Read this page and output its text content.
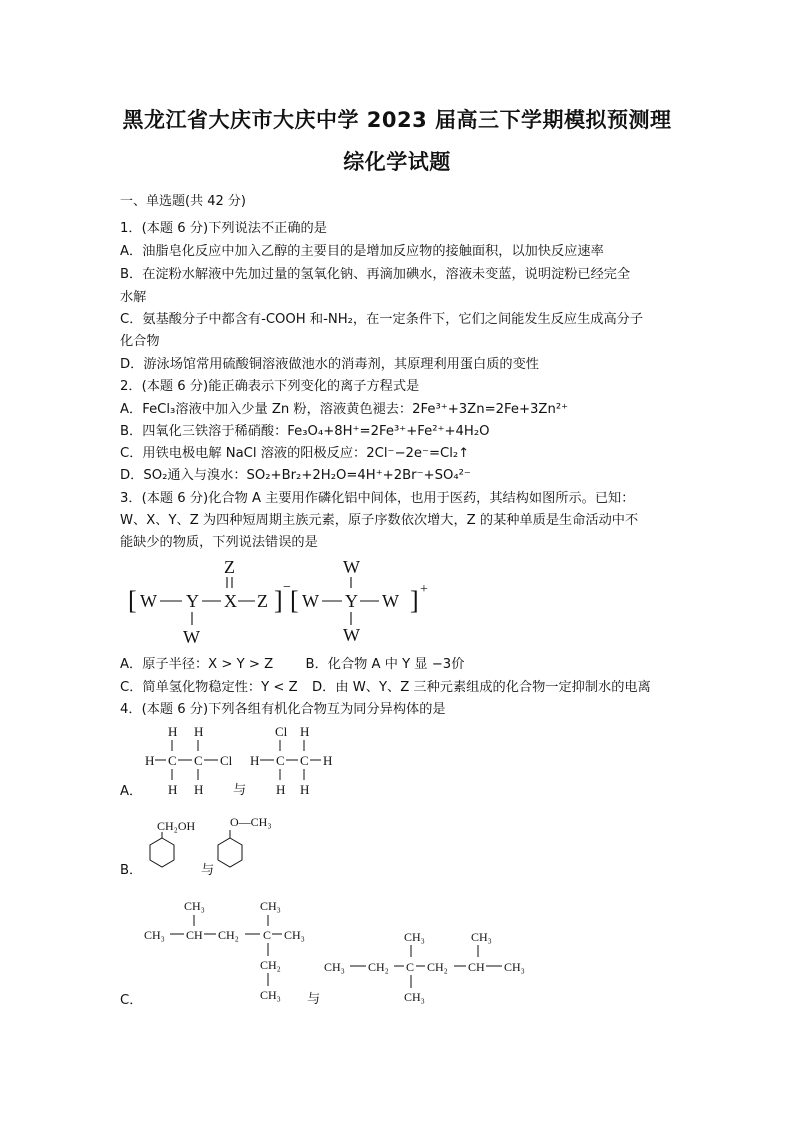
黑龙江省大庆市大庆中学 2023 届高三下学期模拟预测理
综化学试题
一、单选题(共 42 分)
1．(本题 6 分)下列说法不正确的是
A．油脂皂化反应中加入乙醇的主要目的是增加反应物的接触面积，以加快反应速率
B．在淀粉水解液中先加过量的氢氧化钠、再滴加碘水，溶液未变蓝，说明淀粉已经完全
水解
C．氨基酸分子中都含有-COOH 和-NH₂，在一定条件下，它们之间能发生反应生成高分子
化合物
D．游泳场馆常用硫酸铜溶液做池水的消毒剂，其原理利用蛋白质的变性
2．(本题 6 分)能正确表示下列变化的离子方程式是
A．FeCl₃溶液中加入少量 Zn 粉，溶液黄色褪去：2Fe³⁺+3Zn=2Fe+3Zn²⁺
B．四氧化三铁溶于稀硝酸：Fe₃O₄+8H⁺=2Fe³⁺+Fe²⁺+4H₂O
C．用铁电极电解 NaCl 溶液的阳极反应：2Cl⁻−2e⁻=Cl₂↑
D．SO₂通入与溴水：SO₂+Br₂+2H₂O=4H⁺+2Br⁻+SO₄²⁻
3．(本题 6 分)化合物 A 主要用作磷化铝中间体，也用于医药，其结构如图所示。已知：
W、X、Y、Z 为四种短周期主族元素，原子序数依次增大，Z 的某种单质是生命活动中不
能缺少的物质，下列说法错误的是
[ W Y X Z
Z
W
] − [ W Y W
W
W
] +
A．原子半径：X > Y > Z B．化合物 A 中 Y 显 −3价
C．简单氢化物稳定性：Y < Z D．由 W、Y、Z 三种元素组成的化合物一定抑制水的电离
4．(本题 6 分)下列各组有机化合物互为同分异构体的是
A．	与
H H
H C C Cl
H H
Cl H
H C C H
H H
B．	与
CH₂OH	O—CH₃
C．	与
CH₃	CH₃
CH₃ CH CH₂ C CH₃
CH₂
CH₃
CH₃ CH₂ C CH₂ CH CH₃
CH₃	CH₃
CH₃
